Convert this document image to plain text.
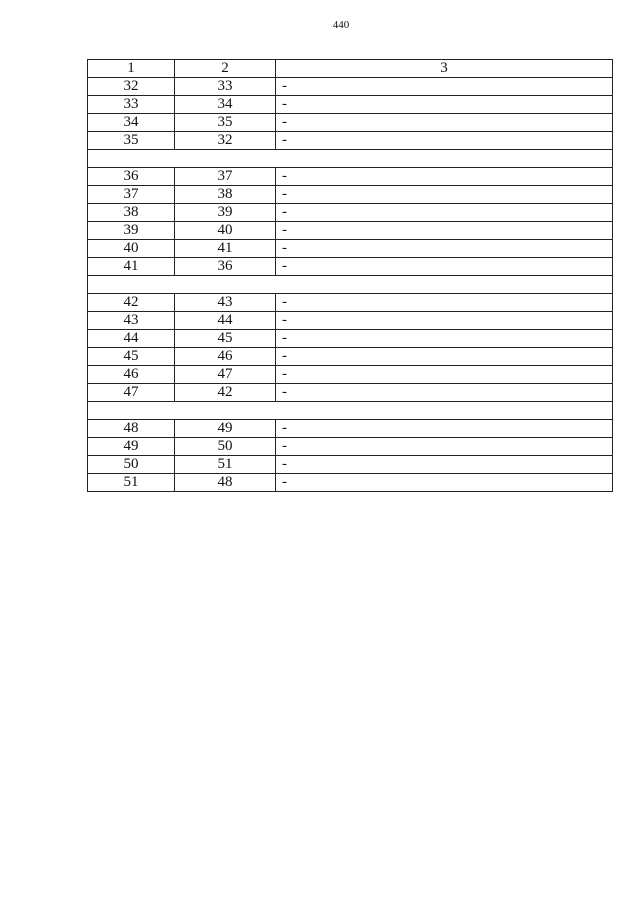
440
1	2	3
32	33	-
33	34	-
34	35	-
35	32	-

36	37	-
37	38	-
38	39	-
39	40	-
40	41	-
41	36	-

42	43	-
43	44	-
44	45	-
45	46	-
46	47	-
47	42	-

48	49	-
49	50	-
50	51	-
51	48	-
